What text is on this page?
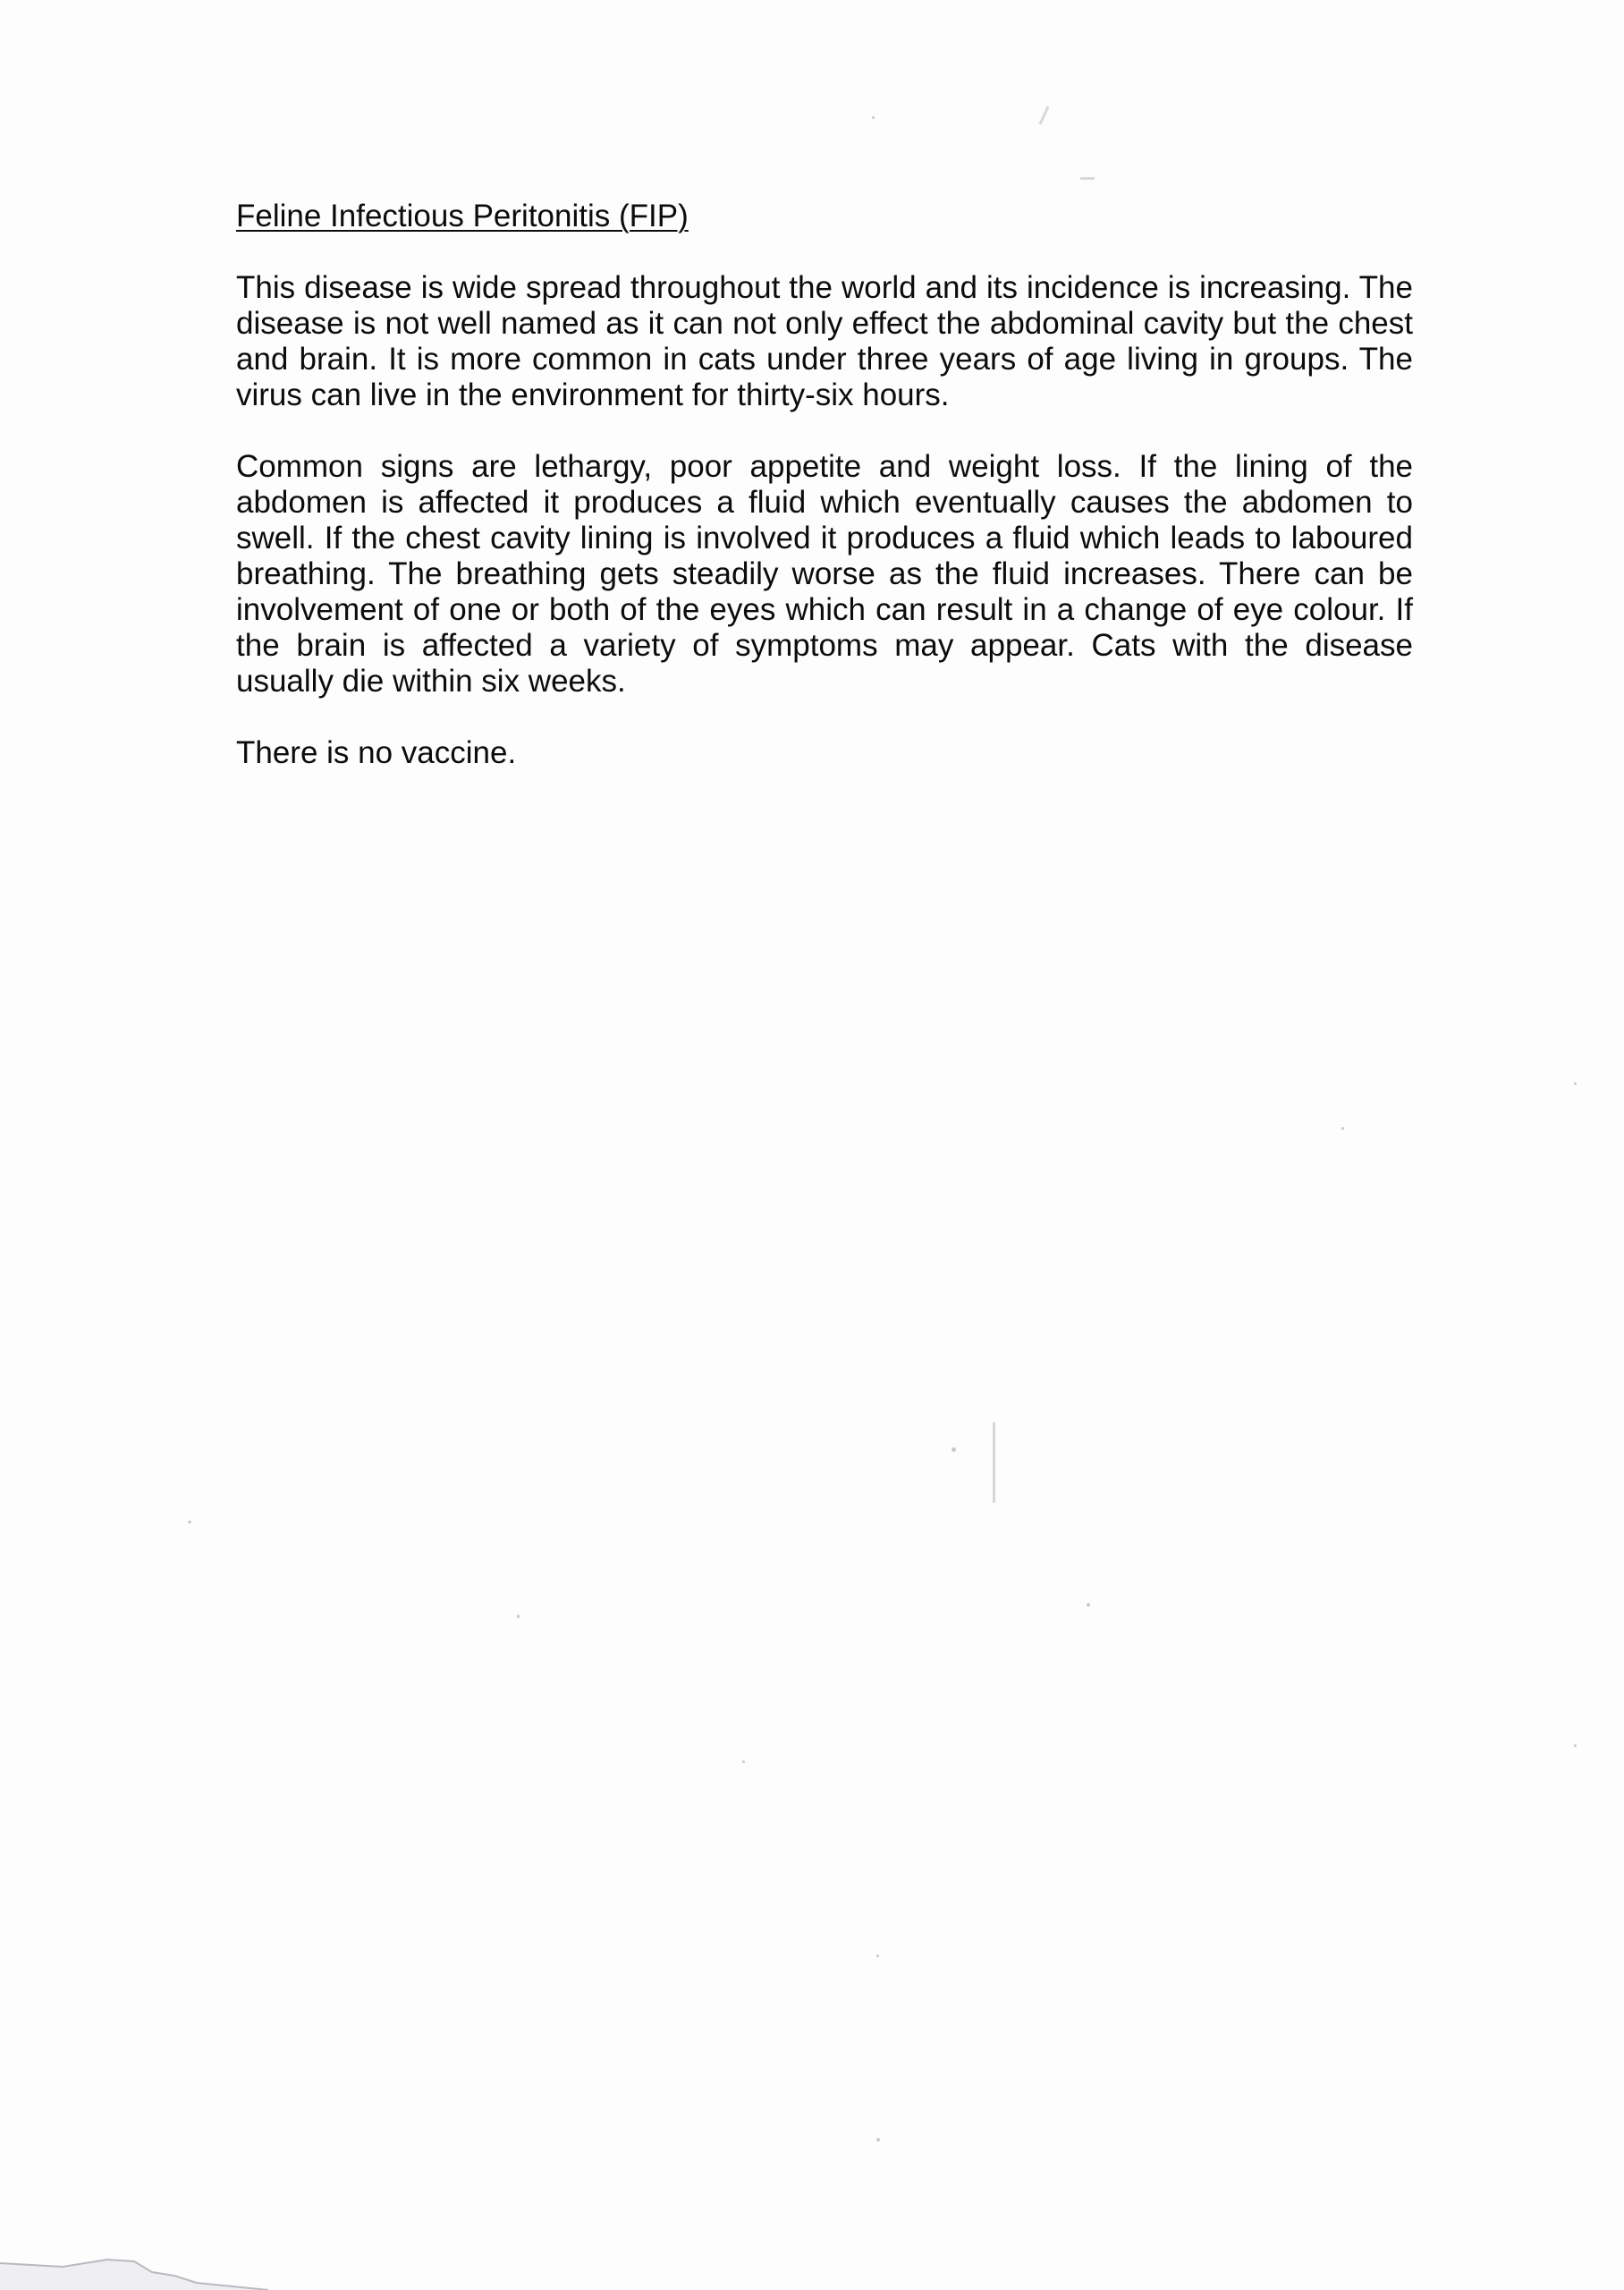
Feline Infectious Peritonitis (FIP)

This disease is wide spread throughout the world and its incidence is increasing. The disease is not well named as it can not only effect the abdominal cavity but the chest and brain. It is more common in cats under three years of age living in groups. The virus can live in the environment for thirty-six hours.

Common signs are lethargy, poor appetite and weight loss. If the lining of the abdomen is affected it produces a fluid which eventually causes the abdomen to swell. If the chest cavity lining is involved it produces a fluid which leads to laboured breathing. The breathing gets steadily worse as the fluid increases. There can be involvement of one or both of the eyes which can result in a change of eye colour. If the brain is affected a variety of symptoms may appear. Cats with the disease usually die within six weeks.

There is no vaccine.
